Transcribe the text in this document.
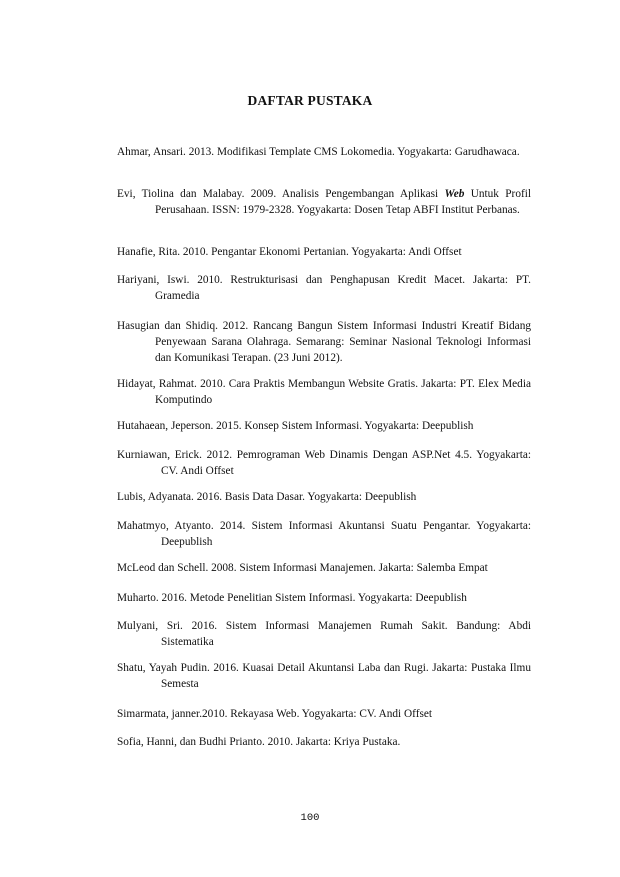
DAFTAR PUSTAKA

Ahmar, Ansari. 2013. Modifikasi Template CMS Lokomedia. Yogyakarta: Garudhawaca.

Evi, Tiolina dan Malabay. 2009. Analisis Pengembangan Aplikasi Web Untuk Profil Perusahaan. ISSN: 1979-2328. Yogyakarta: Dosen Tetap ABFI Institut Perbanas.

Hanafie, Rita. 2010. Pengantar Ekonomi Pertanian. Yogyakarta: Andi Offset

Hariyani, Iswi. 2010. Restrukturisasi dan Penghapusan Kredit Macet. Jakarta: PT. Gramedia

Hasugian dan Shidiq. 2012. Rancang Bangun Sistem Informasi Industri Kreatif Bidang Penyewaan Sarana Olahraga. Semarang: Seminar Nasional Teknologi Informasi dan Komunikasi Terapan. (23 Juni 2012).

Hidayat, Rahmat. 2010. Cara Praktis Membangun Website Gratis. Jakarta: PT. Elex Media Komputindo

Hutahaean, Jeperson. 2015. Konsep Sistem Informasi. Yogyakarta: Deepublish

Kurniawan, Erick. 2012. Pemrograman Web Dinamis Dengan ASP.Net 4.5. Yogyakarta: CV. Andi Offset

Lubis, Adyanata. 2016. Basis Data Dasar. Yogyakarta: Deepublish

Mahatmyo, Atyanto. 2014. Sistem Informasi Akuntansi Suatu Pengantar. Yogyakarta: Deepublish

McLeod dan Schell. 2008. Sistem Informasi Manajemen. Jakarta: Salemba Empat

Muharto. 2016. Metode Penelitian Sistem Informasi. Yogyakarta: Deepublish

Mulyani, Sri. 2016. Sistem Informasi Manajemen Rumah Sakit. Bandung: Abdi Sistematika

Shatu, Yayah Pudin. 2016. Kuasai Detail Akuntansi Laba dan Rugi. Jakarta: Pustaka Ilmu Semesta

Simarmata, janner.2010. Rekayasa Web. Yogyakarta: CV. Andi Offset

Sofia, Hanni, dan Budhi Prianto. 2010. Jakarta: Kriya Pustaka.

100
